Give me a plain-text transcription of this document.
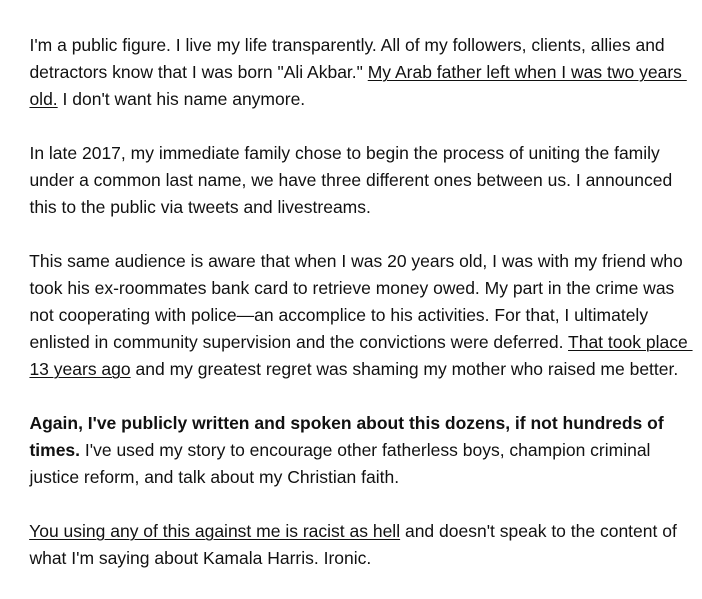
I'm a public figure. I live my life transparently. All of my followers, clients, allies and

detractors know that I was born "Ali Akbar." My Arab father left when I was two years

old. I don't want his name anymore.

In late 2017, my immediate family chose to begin the process of uniting the family

under a common last name, we have three different ones between us. I announced

this to the public via tweets and livestreams.

This same audience is aware that when I was 20 years old, I was with my friend who

took his ex-roommates bank card to retrieve money owed. My part in the crime was

not cooperating with police—an accomplice to his activities. For that, I ultimately

enlisted in community supervision and the convictions were deferred. That took place

13 years ago and my greatest regret was shaming my mother who raised me better.

Again, I've publicly written and spoken about this dozens, if not hundreds of

times. I've used my story to encourage other fatherless boys, champion criminal

justice reform, and talk about my Christian faith.

You using any of this against me is racist as hell and doesn't speak to the content of

what I'm saying about Kamala Harris. Ironic.
